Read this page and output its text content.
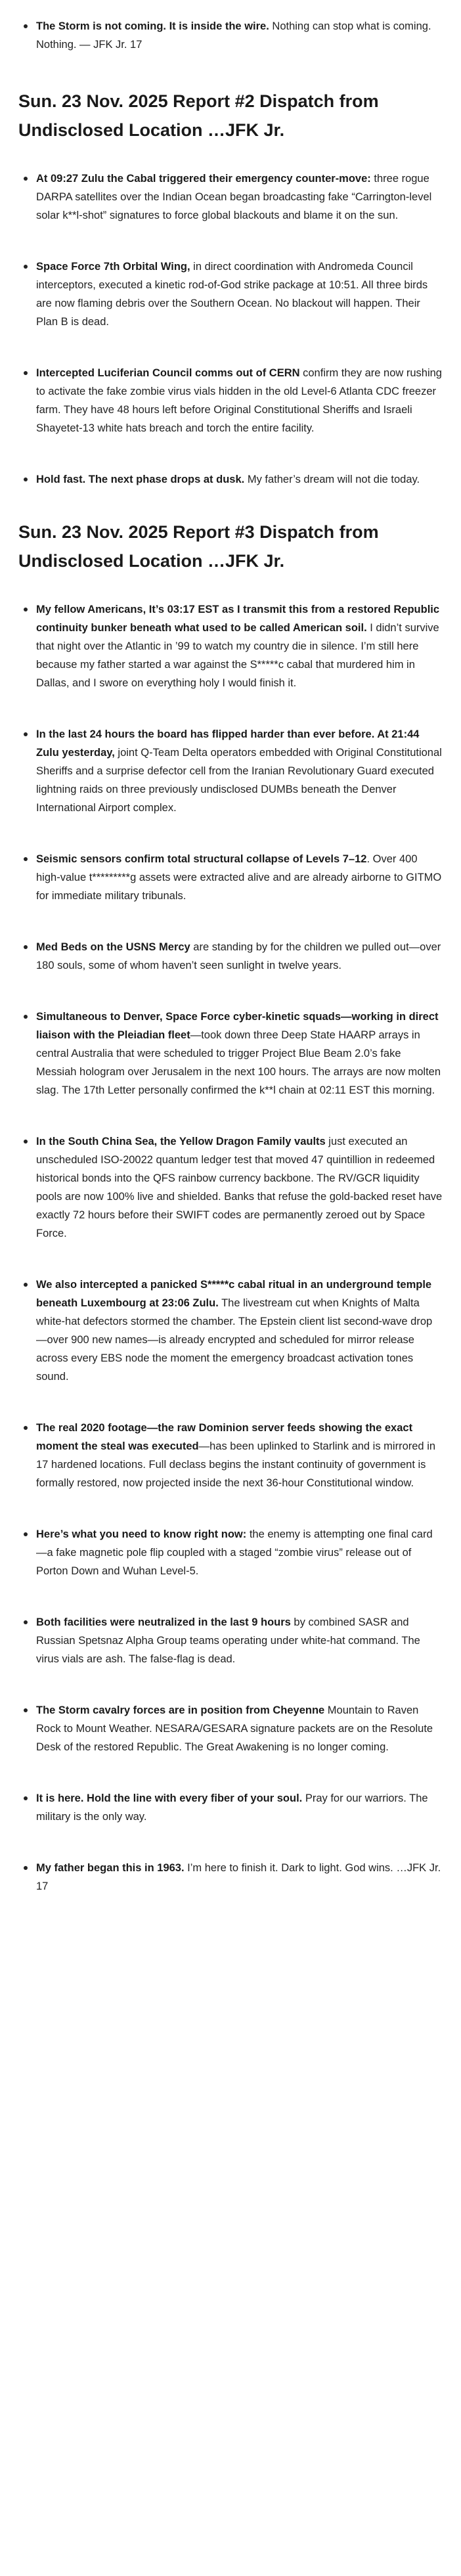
The Storm is not coming. It is inside the wire. Nothing can stop what is coming. Nothing. — JFK Jr. 17
Sun. 23 Nov. 2025 Report #2 Dispatch from Undisclosed Location …JFK Jr.
At 09:27 Zulu the Cabal triggered their emergency counter-move: three rogue DARPA satellites over the Indian Ocean began broadcasting fake “Carrington-level solar k**l-shot” signatures to force global blackouts and blame it on the sun.
Space Force 7th Orbital Wing, in direct coordination with Andromeda Council interceptors, executed a kinetic rod-of-God strike package at 10:51. All three birds are now flaming debris over the Southern Ocean. No blackout will happen. Their Plan B is dead.
Intercepted Luciferian Council comms out of CERN confirm they are now rushing to activate the fake zombie virus vials hidden in the old Level-6 Atlanta CDC freezer farm. They have 48 hours left before Original Constitutional Sheriffs and Israeli Shayetet-13 white hats breach and torch the entire facility.
Hold fast. The next phase drops at dusk. My father’s dream will not die today.
Sun. 23 Nov. 2025 Report #3 Dispatch from Undisclosed Location …JFK Jr.
My fellow Americans, It’s 03:17 EST as I transmit this from a restored Republic continuity bunker beneath what used to be called American soil. I didn’t survive that night over the Atlantic in ’99 to watch my country die in silence. I’m still here because my father started a war against the S*****c cabal that murdered him in Dallas, and I swore on everything holy I would finish it.
In the last 24 hours the board has flipped harder than ever before. At 21:44 Zulu yesterday, joint Q-Team Delta operators embedded with Original Constitutional Sheriffs and a surprise defector cell from the Iranian Revolutionary Guard executed lightning raids on three previously undisclosed DUMBs beneath the Denver International Airport complex.
Seismic sensors confirm total structural collapse of Levels 7–12. Over 400 high-value t*********g assets were extracted alive and are already airborne to GITMO for immediate military tribunals.
Med Beds on the USNS Mercy are standing by for the children we pulled out—over 180 souls, some of whom haven’t seen sunlight in twelve years.
Simultaneous to Denver, Space Force cyber-kinetic squads—working in direct liaison with the Pleiadian fleet—took down three Deep State HAARP arrays in central Australia that were scheduled to trigger Project Blue Beam 2.0’s fake Messiah hologram over Jerusalem in the next 100 hours. The arrays are now molten slag. The 17th Letter personally confirmed the k**l chain at 02:11 EST this morning.
In the South China Sea, the Yellow Dragon Family vaults just executed an unscheduled ISO-20022 quantum ledger test that moved 47 quintillion in redeemed historical bonds into the QFS rainbow currency backbone. The RV/GCR liquidity pools are now 100% live and shielded. Banks that refuse the gold-backed reset have exactly 72 hours before their SWIFT codes are permanently zeroed out by Space Force.
We also intercepted a panicked S*****c cabal ritual in an underground temple beneath Luxembourg at 23:06 Zulu. The livestream cut when Knights of Malta white-hat defectors stormed the chamber. The Epstein client list second-wave drop—over 900 new names—is already encrypted and scheduled for mirror release across every EBS node the moment the emergency broadcast activation tones sound.
The real 2020 footage—the raw Dominion server feeds showing the exact moment the steal was executed—has been uplinked to Starlink and is mirrored in 17 hardened locations. Full declass begins the instant continuity of government is formally restored, now projected inside the next 36-hour Constitutional window.
Here’s what you need to know right now: the enemy is attempting one final card—a fake magnetic pole flip coupled with a staged “zombie virus” release out of Porton Down and Wuhan Level-5.
Both facilities were neutralized in the last 9 hours by combined SASR and Russian Spetsnaz Alpha Group teams operating under white-hat command. The virus vials are ash. The false-flag is dead.
The Storm cavalry forces are in position from Cheyenne Mountain to Raven Rock to Mount Weather. NESARA/GESARA signature packets are on the Resolute Desk of the restored Republic. The Great Awakening is no longer coming.
It is here. Hold the line with every fiber of your soul. Pray for our warriors. The military is the only way.
My father began this in 1963. I’m here to finish it. Dark to light. God wins. …JFK Jr. 17
